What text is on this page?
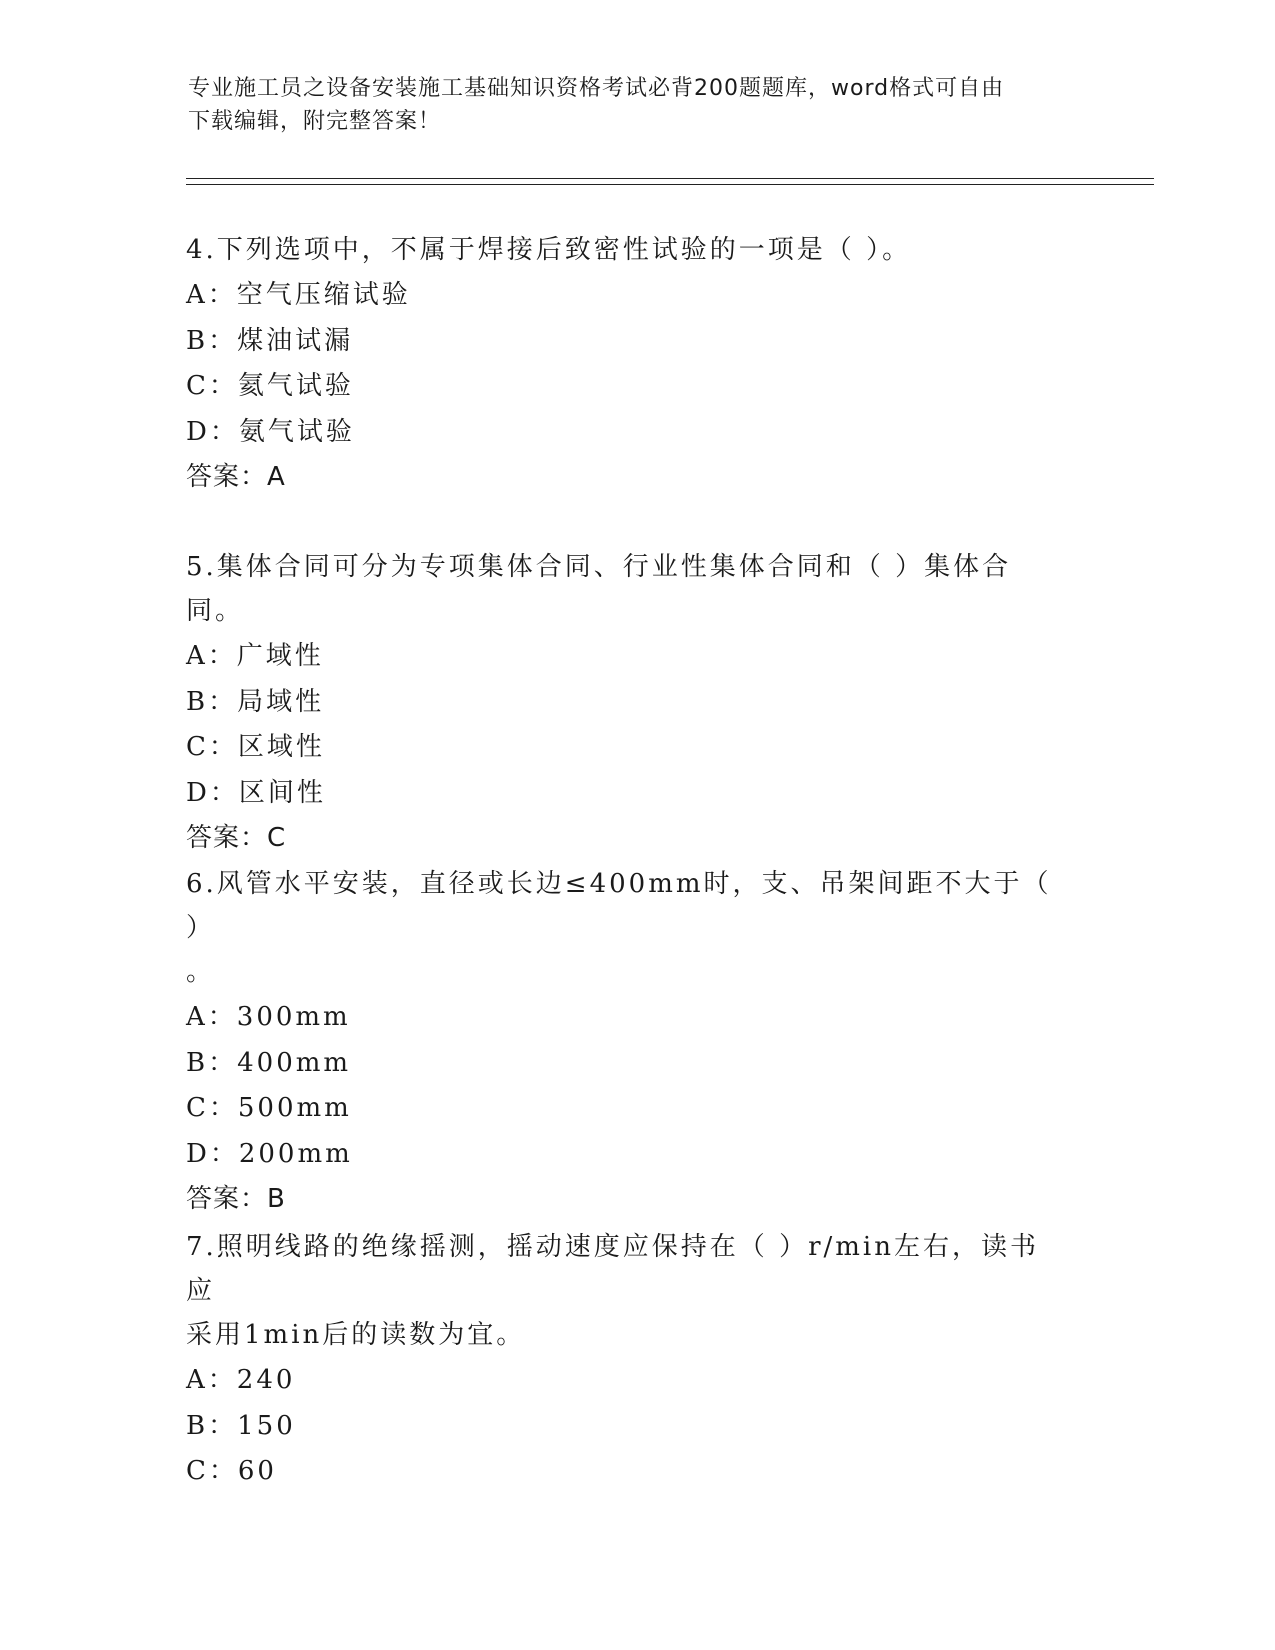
专业施工员之设备安装施工基础知识资格考试必背200题题库，word格式可自由
下载编辑，附完整答案！
4.下列选项中，不属于焊接后致密性试验的一项是（ ）。
A：空气压缩试验
B：煤油试漏
C：氦气试验
D：氨气试验
答案：A
5.集体合同可分为专项集体合同、行业性集体合同和（ ）集体合同。
A：广域性
B：局域性
C：区域性
D：区间性
答案：C
6.风管水平安装，直径或长边≤400mm时，支、吊架间距不大于（ ）
。
A：300mm
B：400mm
C：500mm
D：200mm
答案：B
7.照明线路的绝缘摇测，摇动速度应保持在（ ）r/min左右，读书应
采用1min后的读数为宜。
A：240
B：150
C：60
